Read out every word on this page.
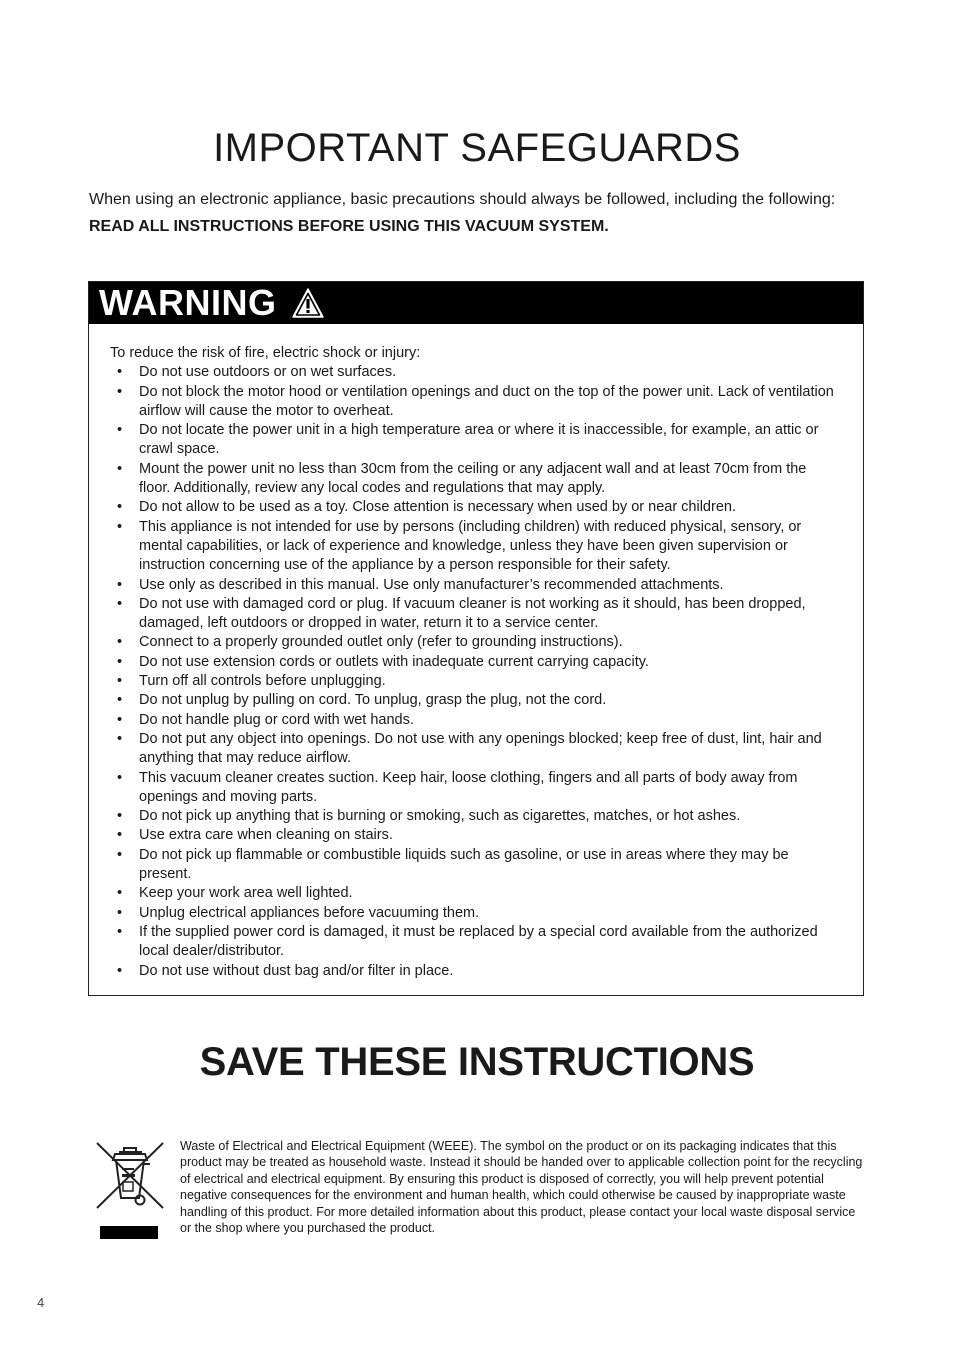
IMPORTANT SAFEGUARDS

When using an electronic appliance, basic precautions should always be followed, including the following: READ ALL INSTRUCTIONS BEFORE USING THIS VACUUM SYSTEM.

WARNING

To reduce the risk of fire, electric shock or injury:

• Do not use outdoors or on wet surfaces.
• Do not block the motor hood or ventilation openings and duct on the top of the power unit. Lack of ventilation airflow will cause the motor to overheat.
• Do not locate the power unit in a high temperature area or where it is inaccessible, for example, an attic or crawl space.
• Mount the power unit no less than 30cm from the ceiling or any adjacent wall and at least 70cm from the floor. Additionally, review any local codes and regulations that may apply.
• Do not allow to be used as a toy. Close attention is necessary when used by or near children.
• This appliance is not intended for use by persons (including children) with reduced physical, sensory, or mental capabilities, or lack of experience and knowledge, unless they have been given supervision or instruction concerning use of the appliance by a person responsible for their safety.
• Use only as described in this manual. Use only manufacturer’s recommended attachments.
• Do not use with damaged cord or plug. If vacuum cleaner is not working as it should, has been dropped, damaged, left outdoors or dropped in water, return it to a service center.
• Connect to a properly grounded outlet only (refer to grounding instructions).
• Do not use extension cords or outlets with inadequate current carrying capacity.
• Turn off all controls before unplugging.
• Do not unplug by pulling on cord. To unplug, grasp the plug, not the cord.
• Do not handle plug or cord with wet hands.
• Do not put any object into openings. Do not use with any openings blocked; keep free of dust, lint, hair and anything that may reduce airflow.
• This vacuum cleaner creates suction. Keep hair, loose clothing, fingers and all parts of body away from openings and moving parts.
• Do not pick up anything that is burning or smoking, such as cigarettes, matches, or hot ashes.
• Use extra care when cleaning on stairs.
• Do not pick up flammable or combustible liquids such as gasoline, or use in areas where they may be present.
• Keep your work area well lighted.
• Unplug electrical appliances before vacuuming them.
• If the supplied power cord is damaged, it must be replaced by a special cord available from the authorized local dealer/distributor.
• Do not use without dust bag and/or filter in place.
SAVE THESE INSTRUCTIONS

Waste of Electrical and Electrical Equipment (WEEE). The symbol on the product or on its packaging indicates that this product may be treated as household waste. Instead it should be handed over to applicable collection point for the recycling of electrical and electrical equipment. By ensuring this product is disposed of correctly, you will help prevent potential negative consequences for the environment and human health, which could otherwise be caused by inappropriate waste handling of this product. For more detailed information about this product, please contact your local waste disposal service or the shop where you purchased the product.

4
